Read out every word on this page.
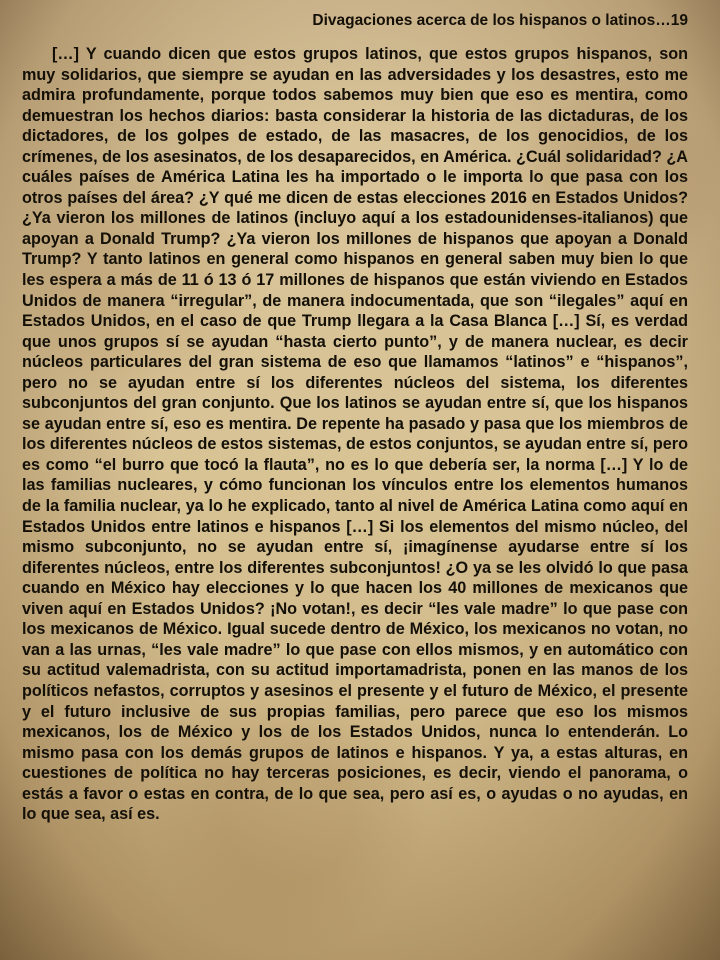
Divagaciones acerca de los hispanos o latinos…19

[…] Y cuando dicen que estos grupos latinos, que estos grupos hispanos, son muy solidarios, que siempre se ayudan en las adversidades y los desastres, esto me admira profundamente, porque todos sabemos muy bien que eso es mentira, como demuestran los hechos diarios: basta considerar la historia de las dictaduras, de los dictadores, de los golpes de estado, de las masacres, de los genocidios, de los crímenes, de los asesinatos, de los desaparecidos, en América. ¿Cuál solidaridad? ¿A cuáles países de América Latina les ha importado o le importa lo que pasa con los otros países del área? ¿Y qué me dicen de estas elecciones 2016 en Estados Unidos? ¿Ya vieron los millones de latinos (incluyo aquí a los estadounidenses-italianos) que apoyan a Donald Trump? ¿Ya vieron los millones de hispanos que apoyan a Donald Trump? Y tanto latinos en general como hispanos en general saben muy bien lo que les espera a más de 11 ó 13 ó 17 millones de hispanos que están viviendo en Estados Unidos de manera “irregular”, de manera indocumentada, que son “ilegales” aquí en Estados Unidos, en el caso de que Trump llegara a la Casa Blanca […] Sí, es verdad que unos grupos sí se ayudan “hasta cierto punto”, y de manera nuclear, es decir núcleos particulares del gran sistema de eso que llamamos “latinos” e “hispanos”, pero no se ayudan entre sí los diferentes núcleos del sistema, los diferentes subconjuntos del gran conjunto. Que los latinos se ayudan entre sí, que los hispanos se ayudan entre sí, eso es mentira. De repente ha pasado y pasa que los miembros de los diferentes núcleos de estos sistemas, de estos conjuntos, se ayudan entre sí, pero es como “el burro que tocó la flauta”, no es lo que debería ser, la norma […] Y lo de las familias nucleares, y cómo funcionan los vínculos entre los elementos humanos de la familia nuclear, ya lo he explicado, tanto al nivel de América Latina como aquí en Estados Unidos entre latinos e hispanos […] Si los elementos del mismo núcleo, del mismo subconjunto, no se ayudan entre sí, ¡imagínense ayudarse entre sí los diferentes núcleos, entre los diferentes subconjuntos! ¿O ya se les olvidó lo que pasa cuando en México hay elecciones y lo que hacen los 40 millones de mexicanos que viven aquí en Estados Unidos? ¡No votan!, es decir “les vale madre” lo que pase con los mexicanos de México. Igual sucede dentro de México, los mexicanos no votan, no van a las urnas, “les vale madre” lo que pase con ellos mismos, y en automático con su actitud valemadrista, con su actitud importamadrista, ponen en las manos de los políticos nefastos, corruptos y asesinos el presente y el futuro de México, el presente y el futuro inclusive de sus propias familias, pero parece que eso los mismos mexicanos, los de México y los de los Estados Unidos, nunca lo entenderán. Lo mismo pasa con los demás grupos de latinos e hispanos. Y ya, a estas alturas, en cuestiones de política no hay terceras posiciones, es decir, viendo el panorama, o estás a favor o estas en contra, de lo que sea, pero así es, o ayudas o no ayudas, en lo que sea, así es.
